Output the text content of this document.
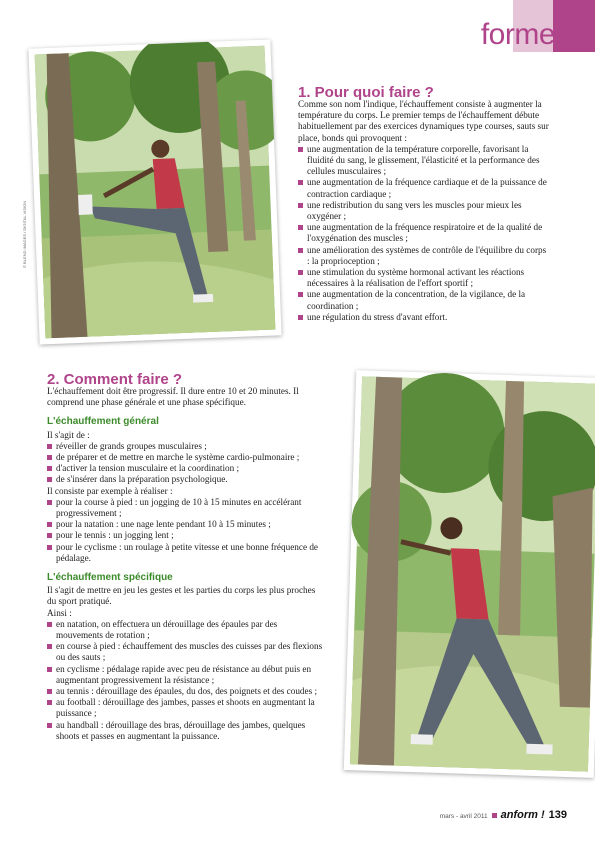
forme
© BLEND IMAGES / DIGITAL VISION
1. Pour quoi faire ?

Comme son nom l'indique, l'échauffement consiste à augmenter la température du corps. Le premier temps de l'échauffement débute habituellement par des exercices dynamiques type courses, sauts sur place, bonds qui provoquent :

une augmentation de la température corporelle, favorisant la fluidité du sang, le glissement, l'élasticité et la performance des cellules musculaires ;
une augmentation de la fréquence cardiaque et de la puissance de contraction cardiaque ;
une redistribution du sang vers les muscles pour mieux les oxygéner ;
une augmentation de la fréquence respiratoire et de la qualité de l'oxygénation des muscles ;
une amélioration des systèmes de contrôle de l'équilibre du corps : la proprioception ;
une stimulation du système hormonal activant les réactions nécessaires à la réalisation de l'effort sportif ;
une augmentation de la concentration, de la vigilance, de la coordination ;
une régulation du stress d'avant effort.
2. Comment faire ?

L'échauffement doit être progressif. Il dure entre 10 et 20 minutes. Il comprend une phase générale et une phase spécifique.

L'échauffement général

Il s'agit de :

réveiller de grands groupes musculaires ;
de préparer et de mettre en marche le système cardio-pulmonaire ;
d'activer la tension musculaire et la coordination ;
de s'insérer dans la préparation psychologique.

Il consiste par exemple à réaliser :

pour la course à pied : un jogging de 10 à 15 minutes en accélérant progressivement ;
pour la natation : une nage lente pendant 10 à 15 minutes ;
pour le tennis : un jogging lent ;
pour le cyclisme : un roulage à petite vitesse et une bonne fréquence de pédalage.
L'échauffement spécifique

Il s'agit de mettre en jeu les gestes et les parties du corps les plus proches du sport pratiqué.

Ainsi :

en natation, on effectuera un dérouillage des épaules par des mouvements de rotation ;
en course à pied : échauffement des muscles des cuisses par des flexions ou des sauts ;
en cyclisme : pédalage rapide avec peu de résistance au début puis en augmentant progressivement la résistance ;
au tennis : dérouillage des épaules, du dos, des poignets et des coudes ;
au football : dérouillage des jambes, passes et shoots en augmentant la puissance ;
au handball : dérouillage des bras, dérouillage des jambes, quelques shoots et passes en augmentant la puissance.
mars - avril 2011 anform ! 139
